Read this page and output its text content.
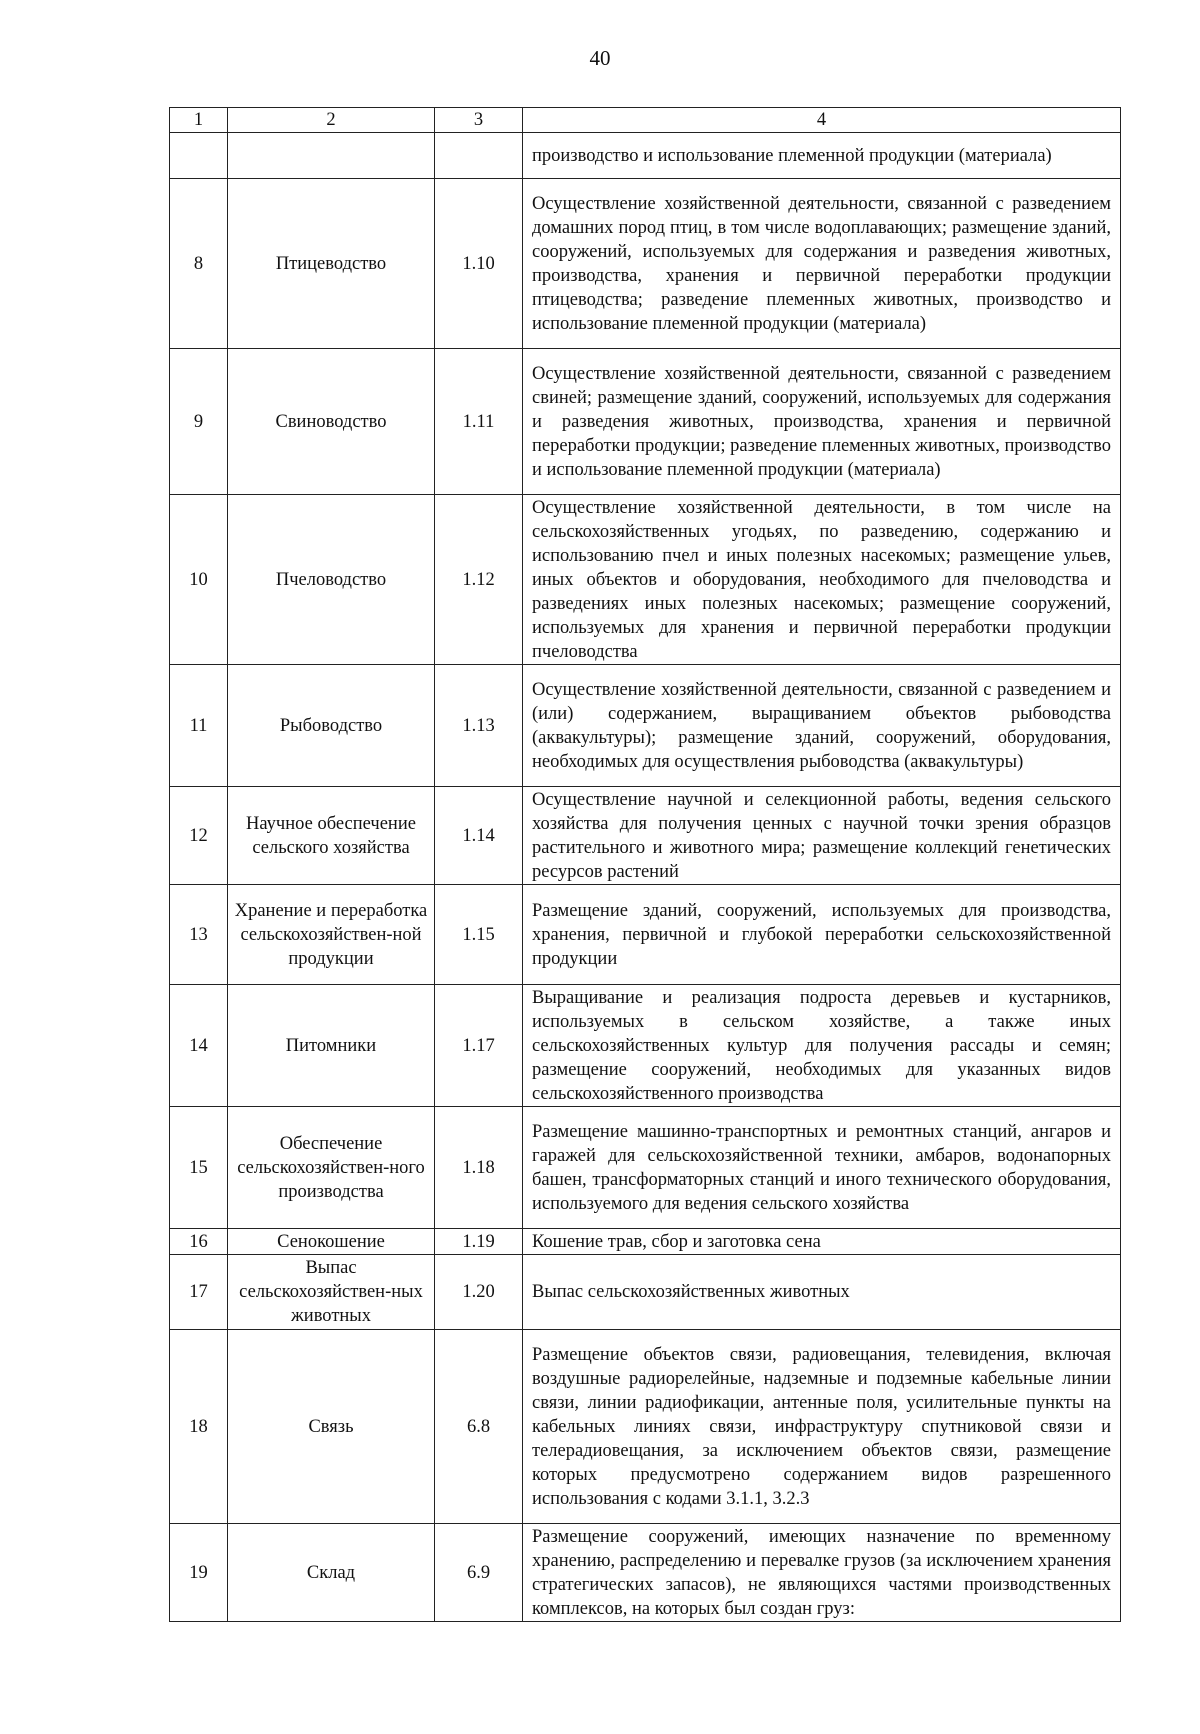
40
1	2	3	4
			производство и использование племенной продукции (материала)
8	Птицеводство	1.10	Осуществление хозяйственной деятельности, связанной с разведением домашних пород птиц, в том числе водоплавающих; размещение зданий, сооружений, используемых для содержания и разведения животных, производства, хранения и первичной переработки продукции птицеводства; разведение племенных животных, производство и использование племенной продукции (материала)
9	Свиноводство	1.11	Осуществление хозяйственной деятельности, связанной с разведением свиней; размещение зданий, сооружений, используемых для содержания и разведения животных, производства, хранения и первичной переработки продукции; разведение племенных животных, производство и использование племенной продукции (материала)
10	Пчеловодство	1.12	Осуществление хозяйственной деятельности, в том числе на сельскохозяйственных угодьях, по разведению, содержанию и использованию пчел и иных полезных насекомых; размещение ульев, иных объектов и оборудования, необходимого для пчеловодства и разведениях иных полезных насекомых; размещение сооружений, используемых для хранения и первичной переработки продукции пчеловодства
11	Рыбоводство	1.13	Осуществление хозяйственной деятельности, связанной с разведением и (или) содержанием, выращиванием объектов рыбоводства (аквакультуры); размещение зданий, сооружений, оборудования, необходимых для осуществления рыбоводства (аквакультуры)
12	Научное обеспечение сельского хозяйства	1.14	Осуществление научной и селекционной работы, ведения сельского хозяйства для получения ценных с научной точки зрения образцов растительного и животного мира; размещение коллекций генетических ресурсов растений
13	Хранение и переработка сельскохозяйствен-ной продукции	1.15	Размещение зданий, сооружений, используемых для производства, хранения, первичной и глубокой переработки сельскохозяйственной продукции
14	Питомники	1.17	Выращивание и реализация подроста деревьев и кустарников, используемых в сельском хозяйстве, а также иных сельскохозяйственных культур для получения рассады и семян; размещение сооружений, необходимых для указанных видов сельскохозяйственного производства
15	Обеспечение сельскохозяйствен-ного производства	1.18	Размещение машинно-транспортных и ремонтных станций, ангаров и гаражей для сельскохозяйственной техники, амбаров, водонапорных башен, трансформаторных станций и иного технического оборудования, используемого для ведения сельского хозяйства
16	Сенокошение	1.19	Кошение трав, сбор и заготовка сена
17	Выпас сельскохозяйствен-ных животных	1.20	Выпас сельскохозяйственных животных
18	Связь	6.8	Размещение объектов связи, радиовещания, телевидения, включая воздушные радиорелейные, надземные и подземные кабельные линии связи, линии радиофикации, антенные поля, усилительные пункты на кабельных линиях связи, инфраструктуру спутниковой связи и телерадиовещания, за исключением объектов связи, размещение которых предусмотрено содержанием видов разрешенного использования с кодами 3.1.1, 3.2.3
19	Склад	6.9	Размещение сооружений, имеющих назначение по временному хранению, распределению и перевалке грузов (за исключением хранения стратегических запасов), не являющихся частями производственных комплексов, на которых был создан груз:
